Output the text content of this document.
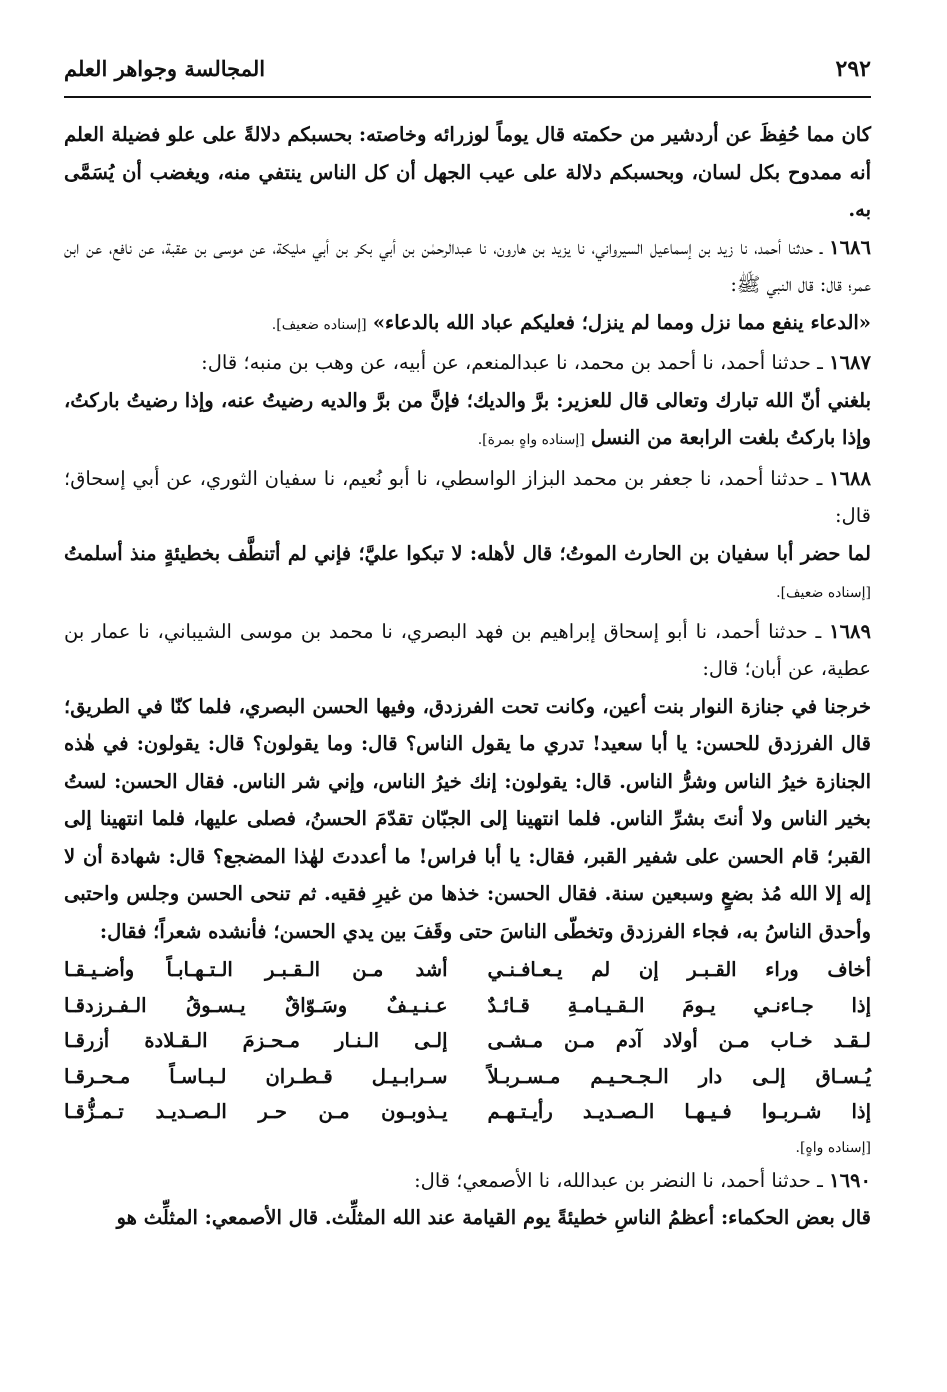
المجالسة وجواهر العلم	٢٩٢

كان مما حُفِظَ عن أردشير من حكمته قال يوماً لوزرائه وخاصته: بحسبكم دلالةً على علو فضيلة العلم أنه ممدوح بكل لسان، وبحسبكم دلالة على عيب الجهل أن كل الناس ينتفي منه، ويغضب أن يُسَمَّى به.

١٦٨٦ ـ حدثنا أحمد، نا زيد بن إسماعيل السيرواني، نا يزيد بن هارون، نا عبدالرحمٰن بن أبي بكر بن أبي مليكة، عن موسى بن عقبة، عن نافع، عن ابن عمر؛ قال: قال النبي ﷺ:

«الدعاء ينفع مما نزل ومما لم ينزل؛ فعليكم عباد الله بالدعاء» [إسناده ضعيف].

١٦٨٧ ـ حدثنا أحمد، نا أحمد بن محمد، نا عبدالمنعم، عن أبيه، عن وهب بن منبه؛ قال:

بلغني أنّ الله تبارك وتعالى قال للعزير: برَّ والديك؛ فإنَّ من برَّ والديه رضيتُ عنه، وإذا رضيتُ باركتُ، وإذا باركتُ بلغت الرابعة من النسل [إسناده واهٍ بمرة].

١٦٨٨ ـ حدثنا أحمد، نا جعفر بن محمد البزاز الواسطي، نا أبو نُعيم، نا سفيان الثوري، عن أبي إسحاق؛ قال:

لما حضر أبا سفيان بن الحارث الموتُ؛ قال لأهله: لا تبكوا عليَّ؛ فإني لم أتنطَّف بخطيئةٍ منذ أسلمتُ [إسناده ضعيف].

١٦٨٩ ـ حدثنا أحمد، نا أبو إسحاق إبراهيم بن فهد البصري، نا محمد بن موسى الشيباني، نا عمار بن عطية، عن أبان؛ قال:

خرجنا في جنازة النوار بنت أعين، وكانت تحت الفرزدق، وفيها الحسن البصري، فلما كنّا في الطريق؛ قال الفرزدق للحسن: يا أبا سعيد! تدري ما يقول الناس؟ قال: وما يقولون؟ قال: يقولون: في هٰذه الجنازة خيرُ الناس وشرُّ الناس. قال: يقولون: إنك خيرُ الناس، وإني شر الناس. فقال الحسن: لستُ بخير الناس ولا أنتَ بشرِّ الناس. فلما انتهينا إلى الجبّان تقدّمَ الحسنُ، فصلى عليها، فلما انتهينا إلى القبر؛ قام الحسن على شفير القبر، فقال: يا أبا فراس! ما أعددتَ لهٰذا المضجع؟ قال: شهادة أن لا إله إلا الله مُذ بضعٍ وسبعين سنة. فقال الحسن: خذها من غيرِ فقيه. ثم تنحى الحسن وجلس واحتبى وأحدق الناسُ به، فجاء الفرزدق وتخطّى الناسَ حتى وقَفَ بين يدي الحسن؛ فأنشده شعراً؛ فقال:

أخاف وراء القـبـر إن لم يـعـافـنـي
أشد مـن الـقـبـر الـتـهـابـاً وأضـيـقـا
إذا جـاءنـي يـومَ الـقـيـامـةِ قـائـدٌ
عـنـيـفٌ وسَـوّاقٌ يـسـوقُ الـفـرزدقـا
لـقـد خـاب مـن أولاد آدم مـن مـشـى
إلـى الـنـار مـحـزمَ الـقـلادة أزرقـا
يُـسـاق إلـى دار الـجـحـيـم مـسـربـلاً
سـرابـيـل قـطـران لـبـاسـاً مـحـرقـا
إذا شـربـوا فـيـهـا الـصـديـد رأيـتـهـم
يـذوبـون مـن حـر الـصـديـد تـمـزُّقـا

[إسناده واهٍ].

١٦٩٠ ـ حدثنا أحمد، نا النضر بن عبدالله، نا الأصمعي؛ قال:

قال بعض الحكماء: أعظمُ الناسِ خطيئةً يوم القيامة عند الله المثلِّث. قال الأصمعي: المثلِّث هو
